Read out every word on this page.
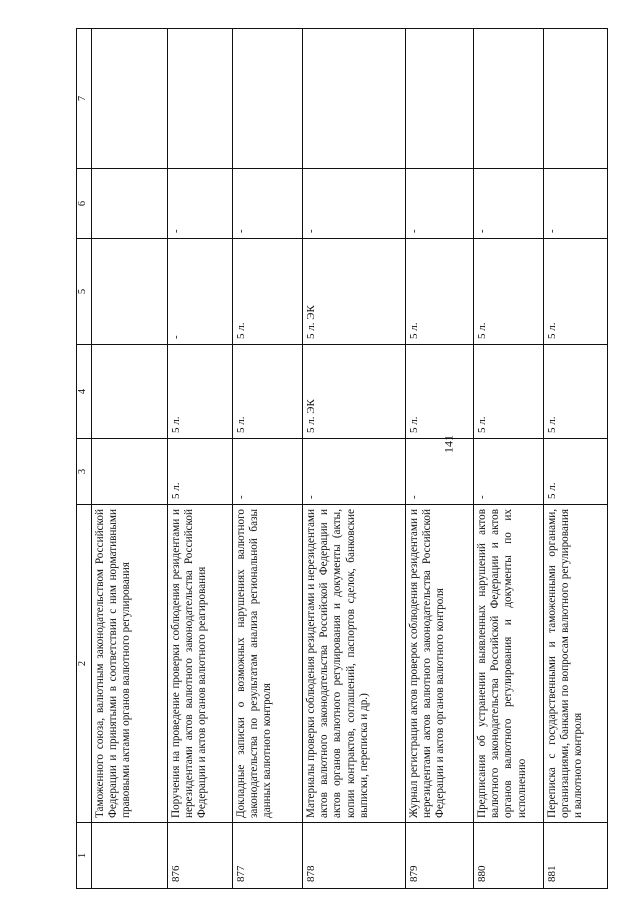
141
1	2	3	4	5	6	7
	Таможенного союза, валютным законодательством Российской Федерации и принятыми в соответствии с ним нормативными правовыми актами органов валютного регулирования					
876	Поручения на проведение проверки соблюдения резидентами и нерезидентами актов валютного законодательства Российской Федерации и актов органов валютного реагирования	5 л.	5 л.	-	-	
877	Докладные записки о возможных нарушениях валютного законодательства по результатам анализа региональной базы данных валютного контроля	-	5 л.	5 л.	-	
878	Материалы проверки соблюдения резидентами и нерезидентами актов валютного законодательства Российской Федерации и актов органов валютного регулирования и документы (акты, копии контрактов, соглашений, паспортов сделок, банковские выписки, переписка и др.)	-	5 л. ЭК	5 л. ЭК	-	
879	Журнал регистрации актов проверок соблюдения резидентами и нерезидентами актов валютного законодательства Российской Федерации и актов органов валютного контроля	-	5 л.	5 л.	-	
880	Предписания об устранении выявленных нарушений актов валютного законодательства Российской Федерации и актов органов валютного регулирования и документы по их исполнению	-	5 л.	5 л.	-	
881	Переписка с государственными и таможенными органами, организациями, банками по вопросам валютного регулирования и валютного контроля	5 л.	5 л.	5 л.	-	
